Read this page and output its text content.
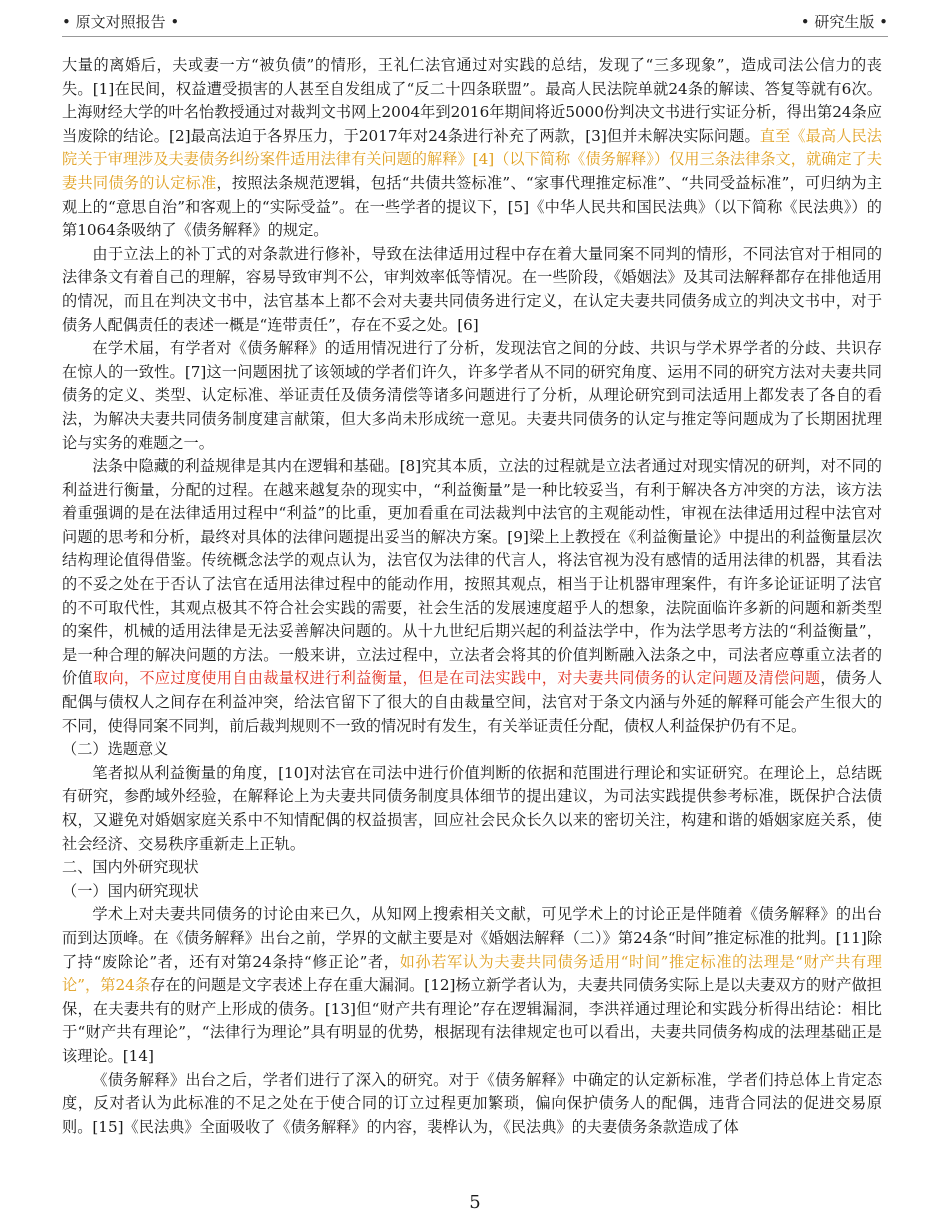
• 原文对照报告 •	• 研究生版 •

大量的离婚后，夫或妻一方“被负债”的情形，王礼仁法官通过对实践的总结，发现了“三多现象”，造成司法公信力的丧失。[1]在民间，权益遭受损害的人甚至自发组成了“反二十四条联盟”。最高人民法院单就24条的解读、答复等就有6次。上海财经大学的叶名怡教授通过对裁判文书网上2004年到2016年期间将近5000份判决文书进行实证分析，得出第24条应当废除的结论。[2]最高法迫于各界压力，于2017年对24条进行补充了两款，[3]但并未解决实际问题。直至《最高人民法院关于审理涉及夫妻债务纠纷案件适用法律有关问题的解释》[4]（以下简称《债务解释》）仅用三条法律条文，就确定了夫妻共同债务的认定标准，按照法条规范逻辑，包括“共债共签标准”、“家事代理推定标准”、“共同受益标准”，可归纳为主观上的“意思自治”和客观上的“实际受益”。在一些学者的提议下，[5]《中华人民共和国民法典》（以下简称《民法典》）的第1064条吸纳了《债务解释》的规定。

由于立法上的补丁式的对条款进行修补，导致在法律适用过程中存在着大量同案不同判的情形，不同法官对于相同的法律条文有着自己的理解，容易导致审判不公，审判效率低等情况。在一些阶段，《婚姻法》及其司法解释都存在排他适用的情况，而且在判决文书中，法官基本上都不会对夫妻共同债务进行定义，在认定夫妻共同债务成立的判决文书中，对于债务人配偶责任的表述一概是“连带责任”，存在不妥之处。[6]

在学术届，有学者对《债务解释》的适用情况进行了分析，发现法官之间的分歧、共识与学术界学者的分歧、共识存在惊人的一致性。[7]这一问题困扰了该领域的学者们许久，许多学者从不同的研究角度、运用不同的研究方法对夫妻共同债务的定义、类型、认定标准、举证责任及债务清偿等诸多问题进行了分析，从理论研究到司法适用上都发表了各自的看法，为解决夫妻共同债务制度建言献策，但大多尚未形成统一意见。夫妻共同债务的认定与推定等问题成为了长期困扰理论与实务的难题之一。

法条中隐藏的利益规律是其内在逻辑和基础。[8]究其本质，立法的过程就是立法者通过对现实情况的研判，对不同的利益进行衡量，分配的过程。在越来越复杂的现实中，“利益衡量”是一种比较妥当，有利于解决各方冲突的方法，该方法着重强调的是在法律适用过程中“利益”的比重，更加看重在司法裁判中法官的主观能动性，审视在法律适用过程中法官对问题的思考和分析，最终对具体的法律问题提出妥当的解决方案。[9]梁上上教授在《利益衡量论》中提出的利益衡量层次结构理论值得借鉴。传统概念法学的观点认为，法官仅为法律的代言人，将法官视为没有感情的适用法律的机器，其看法的不妥之处在于否认了法官在适用法律过程中的能动作用，按照其观点，相当于让机器审理案件，有许多论证证明了法官的不可取代性，其观点极其不符合社会实践的需要，社会生活的发展速度超乎人的想象，法院面临许多新的问题和新类型的案件，机械的适用法律是无法妥善解决问题的。从十九世纪后期兴起的利益法学中，作为法学思考方法的“利益衡量”，是一种合理的解决问题的方法。一般来讲，立法过程中，立法者会将其的价值判断融入法条之中，司法者应尊重立法者的价值取向，不应过度使用自由裁量权进行利益衡量，但是在司法实践中，对夫妻共同债务的认定问题及清偿问题，债务人配偶与债权人之间存在利益冲突，给法官留下了很大的自由裁量空间，法官对于条文内涵与外延的解释可能会产生很大的不同，使得同案不同判，前后裁判规则不一致的情况时有发生，有关举证责任分配，债权人利益保护仍有不足。

（二）选题意义

笔者拟从利益衡量的角度，[10]对法官在司法中进行价值判断的依据和范围进行理论和实证研究。在理论上，总结既有研究，参酌域外经验，在解释论上为夫妻共同债务制度具体细节的提出建议，为司法实践提供参考标准，既保护合法债权，又避免对婚姻家庭关系中不知情配偶的权益损害，回应社会民众长久以来的密切关注，构建和谐的婚姻家庭关系，使社会经济、交易秩序重新走上正轨。

二、国内外研究现状

（一）国内研究现状

学术上对夫妻共同债务的讨论由来已久，从知网上搜索相关文献，可见学术上的讨论正是伴随着《债务解释》的出台而到达顶峰。在《债务解释》出台之前，学界的文献主要是对《婚姻法解释（二）》第24条“时间”推定标准的批判。[11]除了持“废除论”者，还有对第24条持“修正论”者，如孙若军认为夫妻共同债务适用“时间”推定标准的法理是“财产共有理论”，第24条存在的问题是文字表述上存在重大漏洞。[12]杨立新学者认为，夫妻共同债务实际上是以夫妻双方的财产做担保，在夫妻共有的财产上形成的债务。[13]但“财产共有理论”存在逻辑漏洞，李洪祥通过理论和实践分析得出结论：相比于“财产共有理论”，“法律行为理论”具有明显的优势，根据现有法律规定也可以看出，夫妻共同债务构成的法理基础正是该理论。[14]

《债务解释》出台之后，学者们进行了深入的研究。对于《债务解释》中确定的认定新标准，学者们持总体上肯定态度，反对者认为此标准的不足之处在于使合同的订立过程更加繁琐，偏向保护债务人的配偶，违背合同法的促进交易原则。[15]《民法典》全面吸收了《债务解释》的内容，裴桦认为，《民法典》的夫妻债务条款造成了体

5
